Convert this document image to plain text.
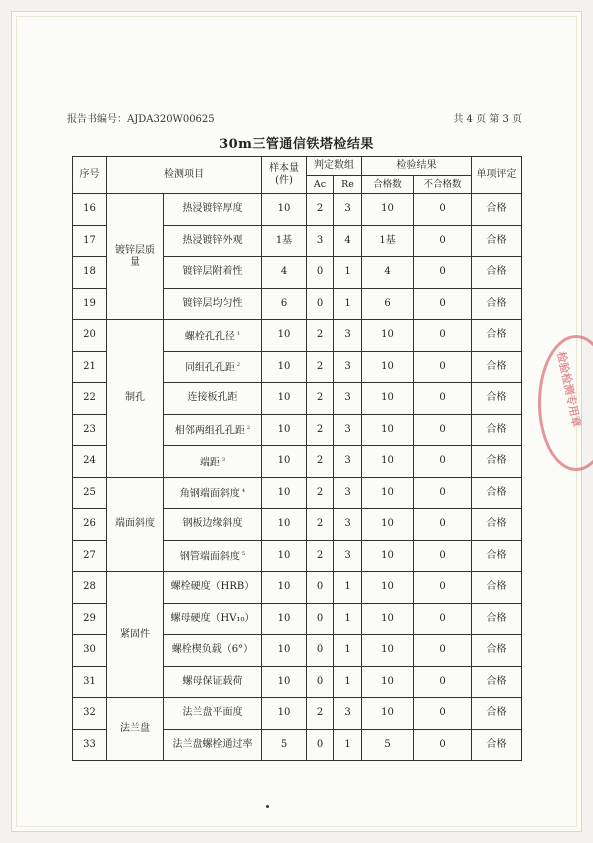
报告书编号：AJDA320W00625	共 4 页 第 3 页
30m三管通信铁塔检结果
序号	检测项目		样本量(件)	判定数组		检验结果		单项评定
				Ac	Re	合格数	不合格数	
16	镀锌层质量	热浸镀锌厚度	10	2	3	10	0	合格
17		热浸镀锌外观	1基	3	4	1基	0	合格
18		镀锌层附着性	4	0	1	4	0	合格
19		镀锌层均匀性	6	0	1	6	0	合格
20	制孔	螺栓孔孔径 $^1$	10	2	3	10	0	合格
21		同组孔孔距 $^2$	10	2	3	10	0	合格
22		连接板孔距	10	2	3	10	0	合格
23		相邻两组孔孔距 $^2$	10	2	3	10	0	合格
24		端距 $^3$	10	2	3	10	0	合格
25	端面斜度	角钢端面斜度 $^4$	10	2	3	10	0	合格
26		钢板边缘斜度	10	2	3	10	0	合格
27		钢管端面斜度 $^5$	10	2	3	10	0	合格
28	紧固件	螺栓硬度（HRB）	10	0	1	10	0	合格
29		螺母硬度（HV₁₀）	10	0	1	10	0	合格
30		螺栓楔负载（6°）	10	0	1	10	0	合格
31		螺母保证载荷	10	0	1	10	0	合格
32	法兰盘	法兰盘平面度	10	2	3	10	0	合格
33		法兰盘螺栓通过率	5	0	1	5	0	合格
检验检测专用章
